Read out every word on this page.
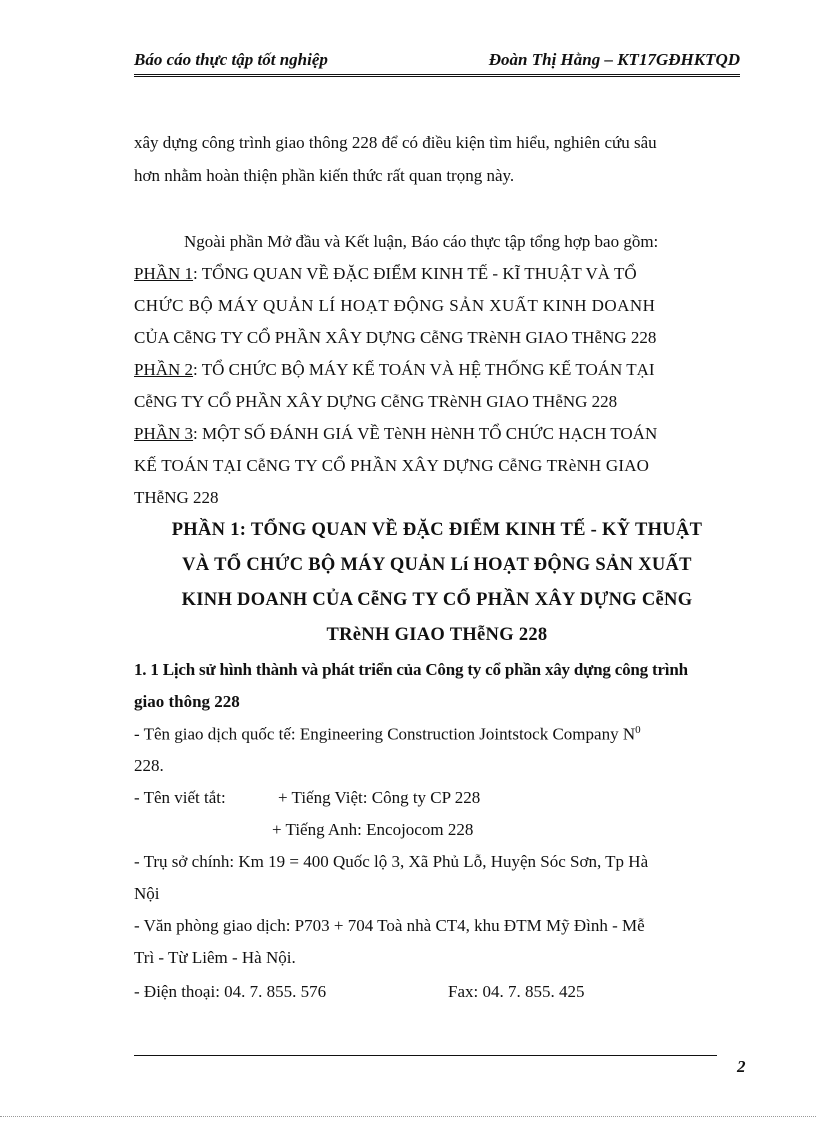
Báo cáo thực tập tốt nghiệp	Đoàn Thị Hằng – KT17GĐHKTQD
xây dựng công trình giao thông 228 để có điều kiện tìm hiểu, nghiên cứu sâu
hơn nhằm hoàn thiện phần kiến thức rất quan trọng này.
Ngoài phần Mở đầu và Kết luận, Báo cáo thực tập tổng hợp bao gồm:
PHẦN 1: TỔNG QUAN VỀ ĐẶC ĐIỂM KINH TẾ - KĨ THUẬT VÀ TỔ
CHỨC BỘ MÁY QUẢN LÍ HOẠT ĐỘNG SẢN XUẤT KINH DOANH
CỦA CễNG TY CỔ PHẦN XÂY DỰNG CễNG TRèNH GIAO THễNG 228
PHẦN 2: TỔ CHỨC BỘ MÁY KẾ TOÁN VÀ HỆ THỐNG KẾ TOÁN TẠI
CễNG TY CỔ PHẦN XÂY DỰNG CễNG TRèNH GIAO THễNG 228
PHẦN 3: MỘT SỐ ĐÁNH GIÁ VỀ TèNH HèNH TỔ CHỨC HẠCH TOÁN
KẾ TOÁN TẠI CễNG TY CỔ PHẦN XÂY DỰNG CễNG TRèNH GIAO
THễNG 228
PHẦN 1: TỔNG QUAN VỀ ĐẶC ĐIỂM KINH TẾ - KỸ THUẬT
VÀ TỔ CHỨC BỘ MÁY QUẢN Lí HOẠT ĐỘNG SẢN XUẤT
KINH DOANH CỦA CễNG TY CỔ PHẦN XÂY DỰNG CễNG
TRèNH GIAO THễNG 228
1. 1 Lịch sử hình thành và phát triển của Công ty cổ phần xây dựng công trình
giao thông 228
- Tên giao dịch quốc tế: Engineering Construction Jointstock Company $N^0$
228.
- Tên viết tắt:	+ Tiếng Việt: Công ty CP 228
+ Tiếng Anh: Encojocom 228
- Trụ sở chính: Km 19 = 400 Quốc lộ 3, Xã Phủ Lỗ, Huyện Sóc Sơn, Tp Hà
Nội
- Văn phòng giao dịch: P703 + 704 Toà nhà CT4, khu ĐTM Mỹ Đình - Mễ
Trì - Từ Liêm - Hà Nội.
- Điện thoại: 04. 7. 855. 576	Fax: 04. 7. 855. 425
2
